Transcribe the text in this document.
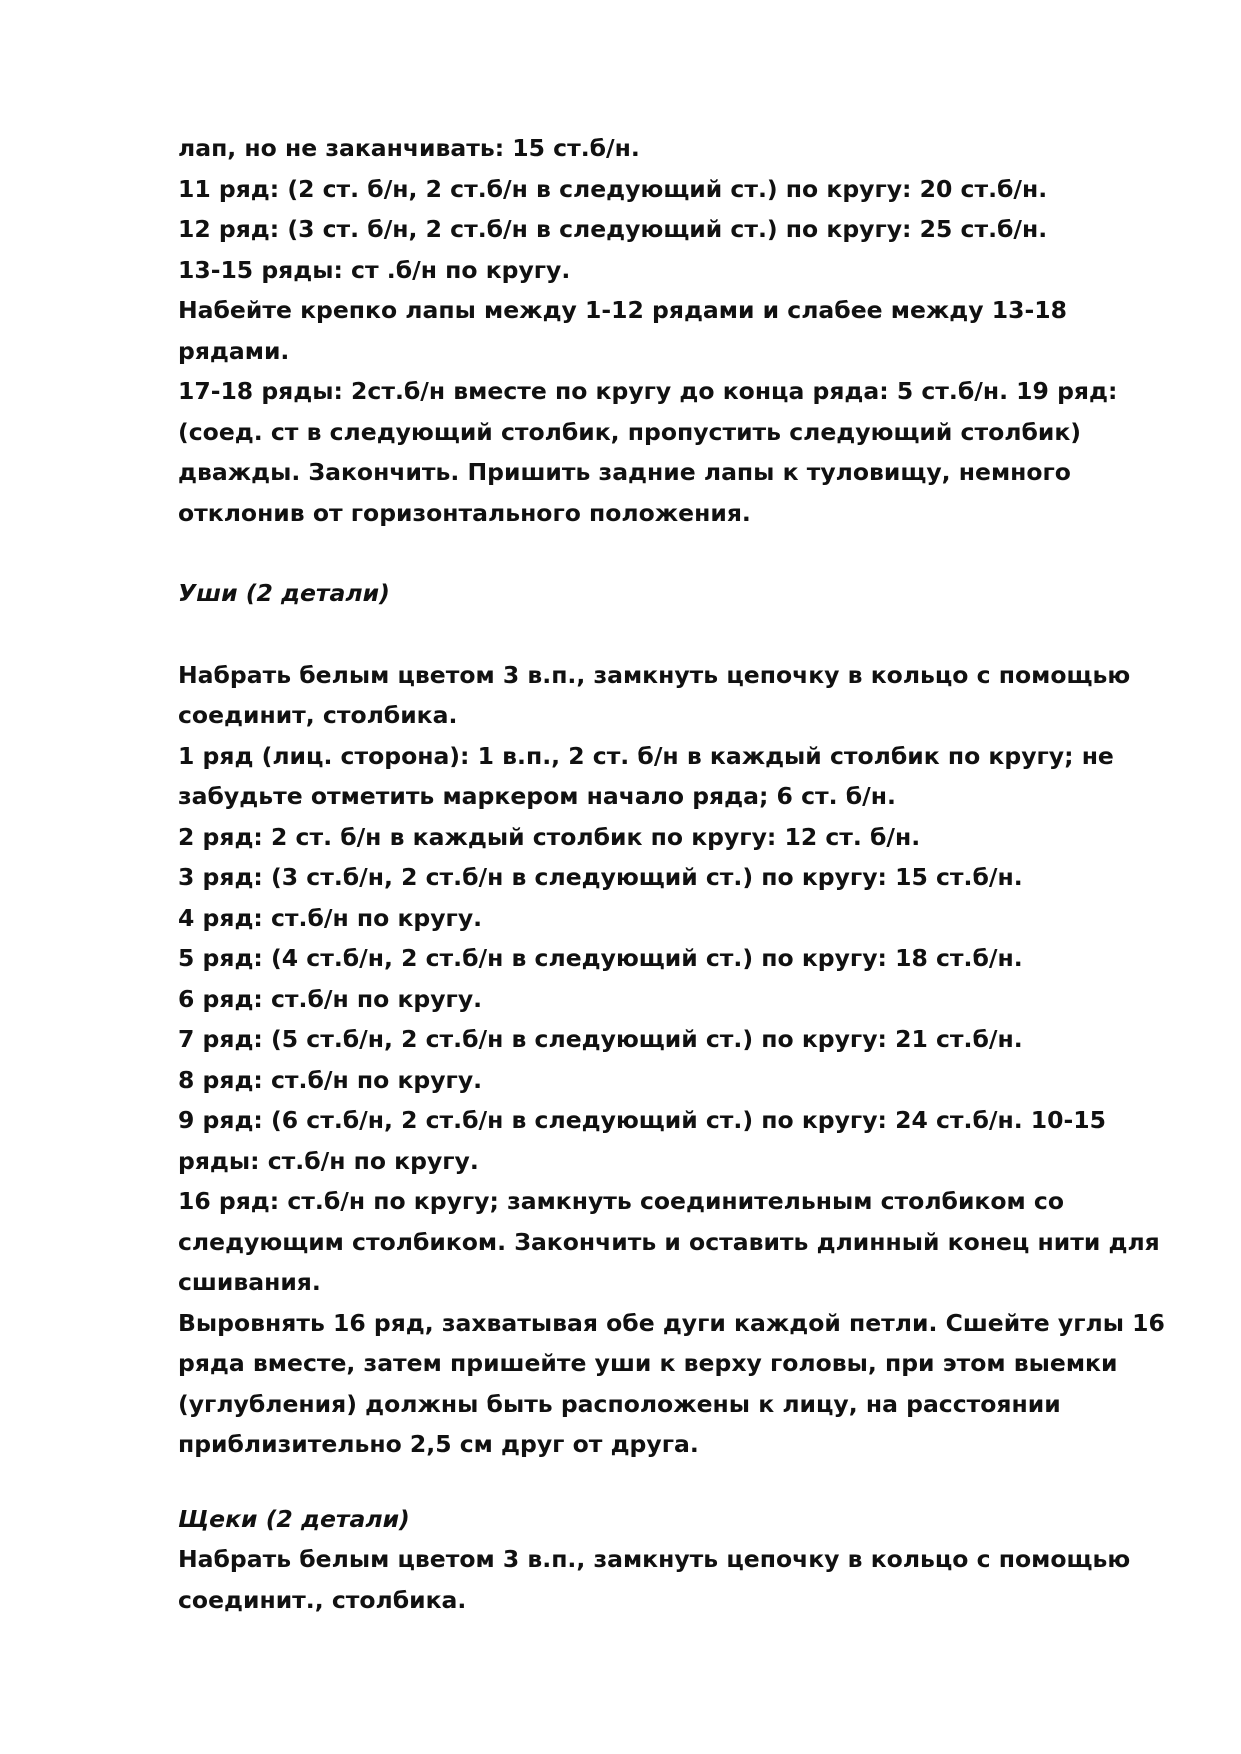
лап, но не заканчивать: 15 ст.б/н.

11 ряд: (2 ст. б/н, 2 ст.б/н в следующий ст.) по кругу: 20 ст.б/н.

12 ряд: (3 ст. б/н, 2 ст.б/н в следующий ст.) по кругу: 25 ст.б/н.

13-15 ряды: ст .б/н по кругу.

Набейте крепко лапы между 1-12 рядами и слабее между 13-18

рядами.

17-18 ряды: 2ст.б/н вместе по кругу до конца ряда: 5 ст.б/н. 19 ряд:

(соед. ст в следующий столбик, пропустить следующий столбик)

дважды. Закончить. Пришить задние лапы к туловищу, немного

отклонив от горизонтального положения.

Уши (2 детали)

Набрать белым цветом 3 в.п., замкнуть цепочку в кольцо с помощью

соединит, столбика.

1 ряд (лиц. сторона): 1 в.п., 2 ст. б/н в каждый столбик по кругу; не

забудьте отметить маркером начало ряда; 6 ст. б/н.

2 ряд: 2 ст. б/н в каждый столбик по кругу: 12 ст. б/н.

3 ряд: (3 ст.б/н, 2 ст.б/н в следующий ст.) по кругу: 15 ст.б/н.

4 ряд: ст.б/н по кругу.

5 ряд: (4 ст.б/н, 2 ст.б/н в следующий ст.) по кругу: 18 ст.б/н.

6 ряд: ст.б/н по кругу.

7 ряд: (5 ст.б/н, 2 ст.б/н в следующий ст.) по кругу: 21 ст.б/н.

8 ряд: ст.б/н по кругу.

9 ряд: (6 ст.б/н, 2 ст.б/н в следующий ст.) по кругу: 24 ст.б/н. 10-15

ряды: ст.б/н по кругу.

16 ряд: ст.б/н по кругу; замкнуть соединительным столбиком со

следующим столбиком. Закончить и оставить длинный конец нити для

сшивания.

Выровнять 16 ряд, захватывая обе дуги каждой петли. Сшейте углы 16

ряда вместе, затем пришейте уши к верху головы, при этом выемки

(углубления) должны быть расположены к лицу, на расстоянии

приблизительно 2,5 см друг от друга.

Щеки (2 детали)

Набрать белым цветом 3 в.п., замкнуть цепочку в кольцо с помощью

соединит., столбика.
